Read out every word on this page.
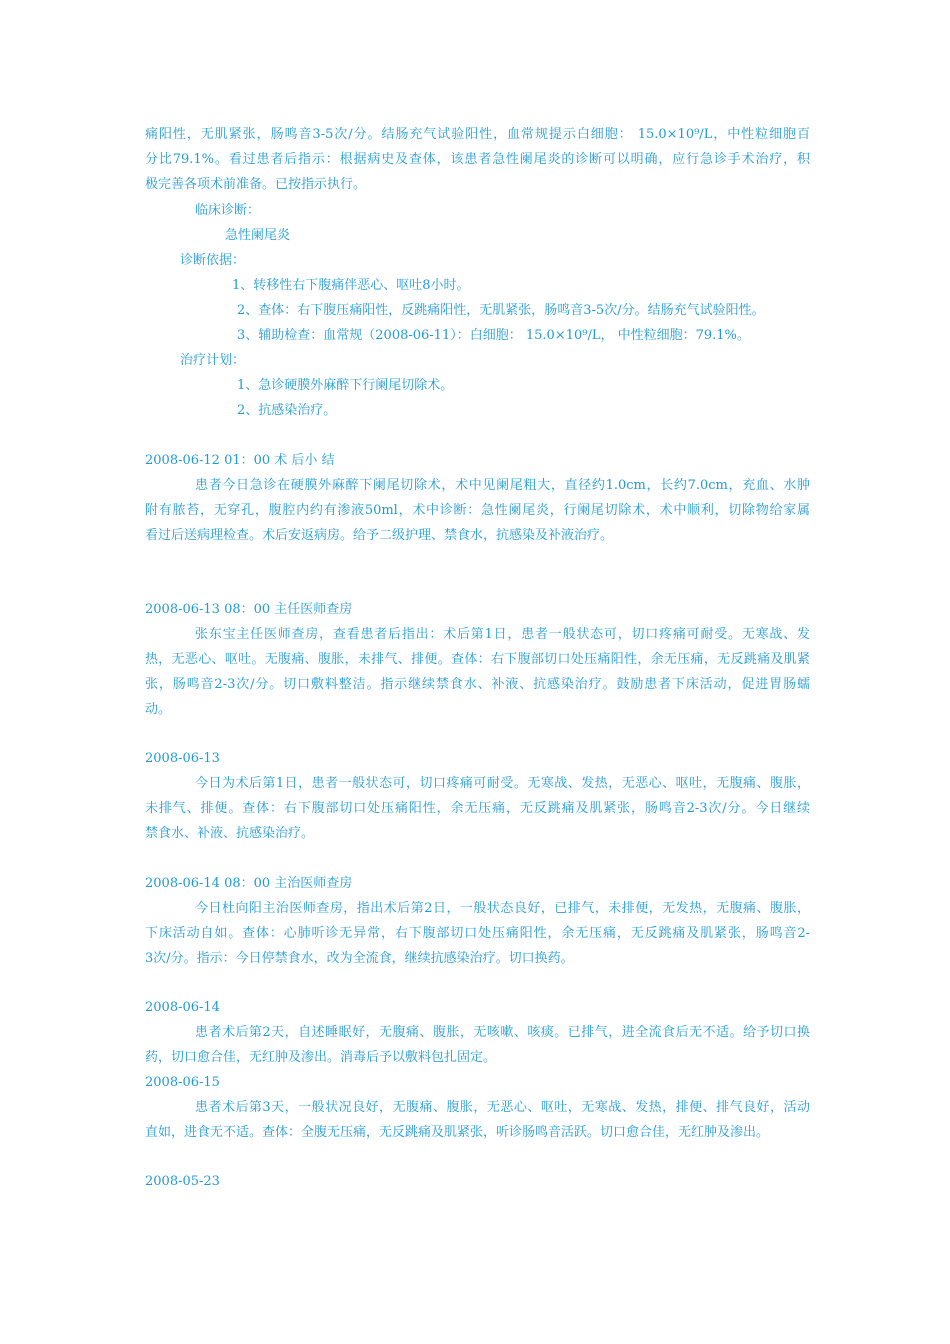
痛阳性，无肌紧张，肠鸣音3-5次/分。结肠充气试验阳性，血常规提示白细胞： 15.0×10⁹/L，中性粒细胞百
分比79.1%。看过患者后指示：根据病史及查体，该患者急性阑尾炎的诊断可以明确，应行急诊手术治疗，积
极完善各项术前准备。已按指示执行。
临床诊断：
急性阑尾炎
诊断依据：
1、转移性右下腹痛伴恶心、呕吐8小时。
2、查体：右下腹压痛阳性，反跳痛阳性，无肌紧张，肠鸣音3-5次/分。结肠充气试验阳性。
3、辅助检查：血常规（2008-06-11）：白细胞： 15.0×10⁹/L， 中性粒细胞：79.1%。
治疗计划：
1、急诊硬膜外麻醉下行阑尾切除术。
2、抗感染治疗。
2008-06-12 01：00 术 后小 结
患者今日急诊在硬膜外麻醉下阑尾切除术，术中见阑尾粗大，直径约1.0cm，长约7.0cm，充血、水肿
附有脓苔，无穿孔，腹腔内约有渗液50ml，术中诊断：急性阑尾炎，行阑尾切除术，术中顺利，切除物给家属
看过后送病理检查。术后安返病房。给予二级护理、禁食水，抗感染及补液治疗。
2008-06-13 08：00 主任医师查房
张东宝主任医师查房，查看患者后指出：术后第1日，患者一般状态可，切口疼痛可耐受。无寒战、发
热，无恶心、呕吐。无腹痛、腹胀，未排气、排便。查体：右下腹部切口处压痛阳性，余无压痛，无反跳痛及肌紧
张，肠鸣音2-3次/分。切口敷料整洁。指示继续禁食水、补液、抗感染治疗。鼓励患者下床活动，促进胃肠蠕
动。
2008-06-13
今日为术后第1日，患者一般状态可，切口疼痛可耐受。无寒战、发热，无恶心、呕吐，无腹痛、腹胀，
未排气、排便。查体：右下腹部切口处压痛阳性，余无压痛，无反跳痛及肌紧张，肠鸣音2-3次/分。今日继续
禁食水、补液、抗感染治疗。
2008-06-14 08：00 主治医师查房
今日杜向阳主治医师查房，指出术后第2日，一般状态良好，已排气，未排便，无发热，无腹痛、腹胀，
下床活动自如。查体：心肺听诊无异常，右下腹部切口处压痛阳性，余无压痛，无反跳痛及肌紧张，肠鸣音2-
3次/分。指示：今日停禁食水，改为全流食，继续抗感染治疗。切口换药。
2008-06-14
患者术后第2天，自述睡眠好，无腹痛、腹胀，无咳嗽、咳痰。已排气，进全流食后无不适。给予切口换
药，切口愈合佳，无红肿及渗出。消毒后予以敷料包扎固定。
2008-06-15
患者术后第3天，一般状况良好，无腹痛、腹胀，无恶心、呕吐，无寒战、发热，排便、排气良好，活动
直如，进食无不适。查体：全腹无压痛，无反跳痛及肌紧张，听诊肠鸣音活跃。切口愈合佳，无红肿及渗出。
2008-05-23
